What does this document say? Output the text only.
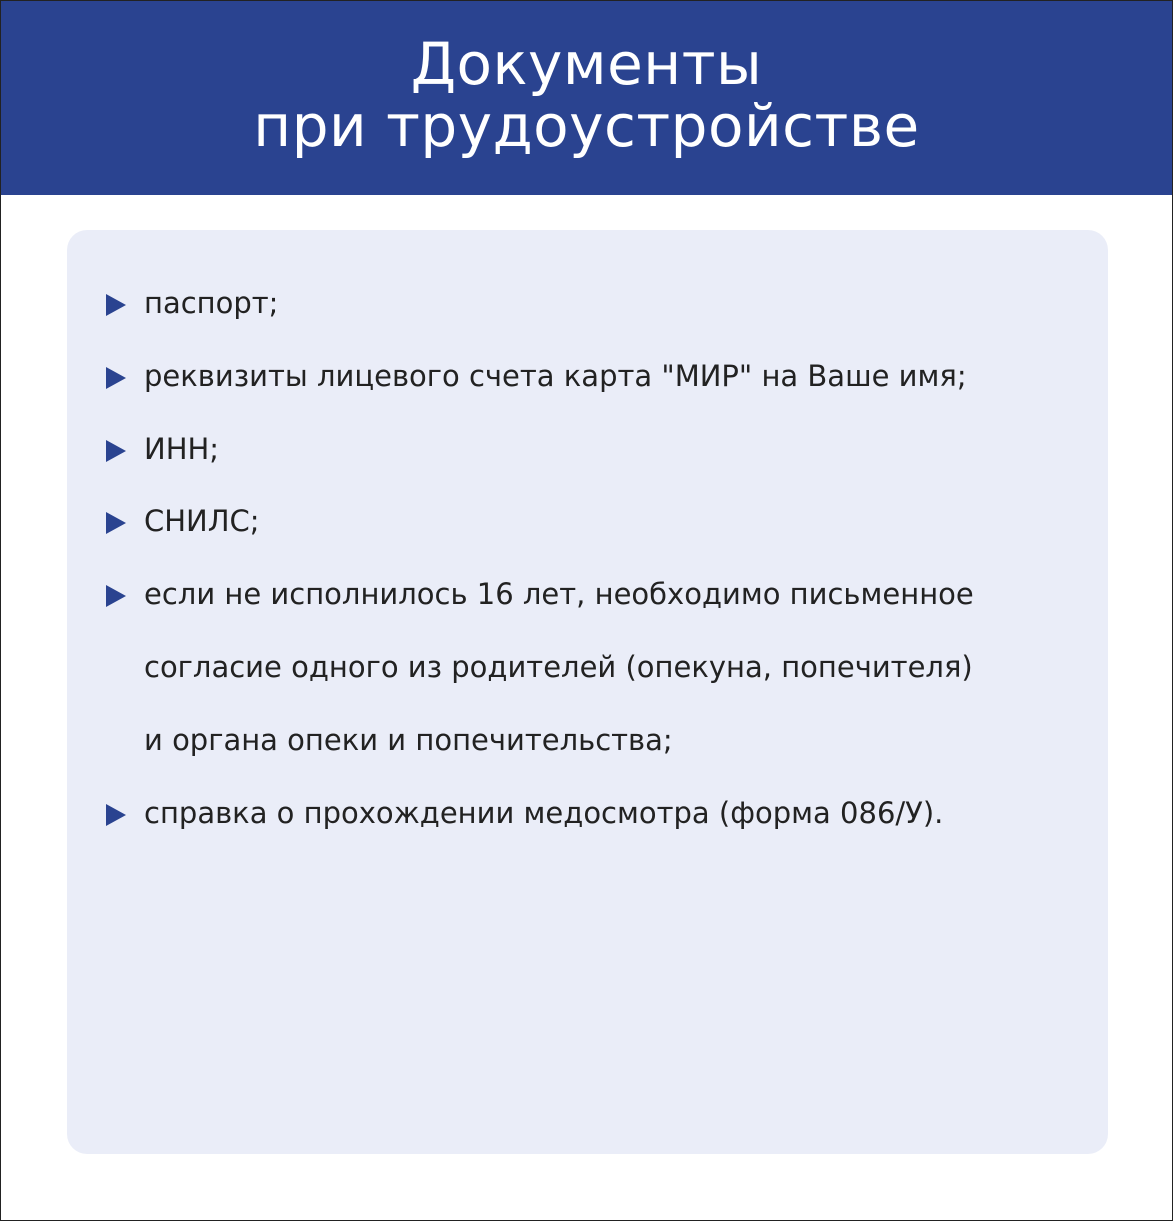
Документы
при трудоустройстве
паспорт;
реквизиты лицевого счета карта "МИР" на Ваше имя;
ИНН;
СНИЛС;
если не исполнилось 16 лет, необходимо письменное
согласие одного из родителей (опекуна, попечителя)
и органа опеки и попечительства;
справка о прохождении медосмотра (форма 086/У).
